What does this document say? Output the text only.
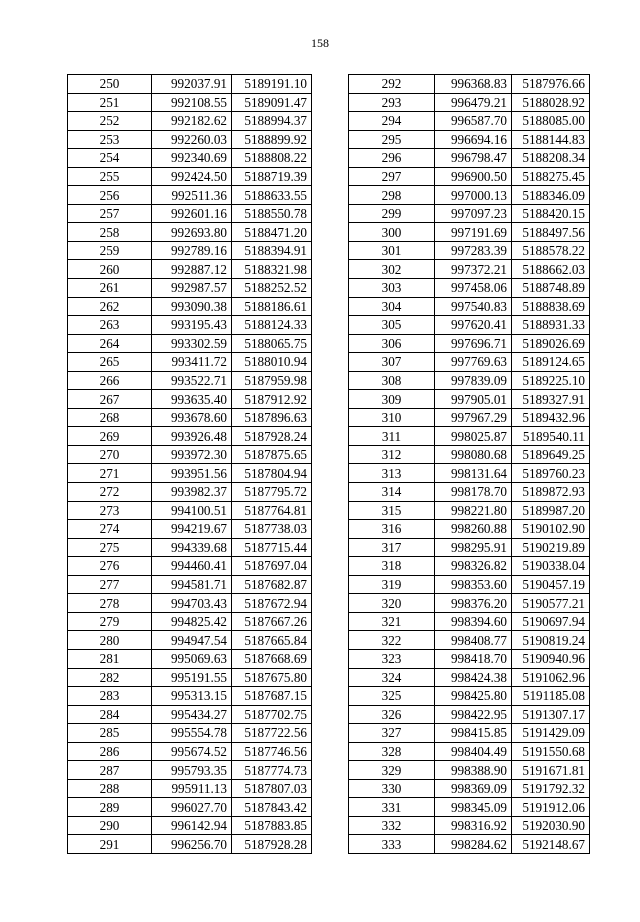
158
250	992037.91	5189191.10
251	992108.55	5189091.47
252	992182.62	5188994.37
253	992260.03	5188899.92
254	992340.69	5188808.22
255	992424.50	5188719.39
256	992511.36	5188633.55
257	992601.16	5188550.78
258	992693.80	5188471.20
259	992789.16	5188394.91
260	992887.12	5188321.98
261	992987.57	5188252.52
262	993090.38	5188186.61
263	993195.43	5188124.33
264	993302.59	5188065.75
265	993411.72	5188010.94
266	993522.71	5187959.98
267	993635.40	5187912.92
268	993678.60	5187896.63
269	993926.48	5187928.24
270	993972.30	5187875.65
271	993951.56	5187804.94
272	993982.37	5187795.72
273	994100.51	5187764.81
274	994219.67	5187738.03
275	994339.68	5187715.44
276	994460.41	5187697.04
277	994581.71	5187682.87
278	994703.43	5187672.94
279	994825.42	5187667.26
280	994947.54	5187665.84
281	995069.63	5187668.69
282	995191.55	5187675.80
283	995313.15	5187687.15
284	995434.27	5187702.75
285	995554.78	5187722.56
286	995674.52	5187746.56
287	995793.35	5187774.73
288	995911.13	5187807.03
289	996027.70	5187843.42
290	996142.94	5187883.85
291	996256.70	5187928.28
292	996368.83	5187976.66
293	996479.21	5188028.92
294	996587.70	5188085.00
295	996694.16	5188144.83
296	996798.47	5188208.34
297	996900.50	5188275.45
298	997000.13	5188346.09
299	997097.23	5188420.15
300	997191.69	5188497.56
301	997283.39	5188578.22
302	997372.21	5188662.03
303	997458.06	5188748.89
304	997540.83	5188838.69
305	997620.41	5188931.33
306	997696.71	5189026.69
307	997769.63	5189124.65
308	997839.09	5189225.10
309	997905.01	5189327.91
310	997967.29	5189432.96
311	998025.87	5189540.11
312	998080.68	5189649.25
313	998131.64	5189760.23
314	998178.70	5189872.93
315	998221.80	5189987.20
316	998260.88	5190102.90
317	998295.91	5190219.89
318	998326.82	5190338.04
319	998353.60	5190457.19
320	998376.20	5190577.21
321	998394.60	5190697.94
322	998408.77	5190819.24
323	998418.70	5190940.96
324	998424.38	5191062.96
325	998425.80	5191185.08
326	998422.95	5191307.17
327	998415.85	5191429.09
328	998404.49	5191550.68
329	998388.90	5191671.81
330	998369.09	5191792.32
331	998345.09	5191912.06
332	998316.92	5192030.90
333	998284.62	5192148.67
